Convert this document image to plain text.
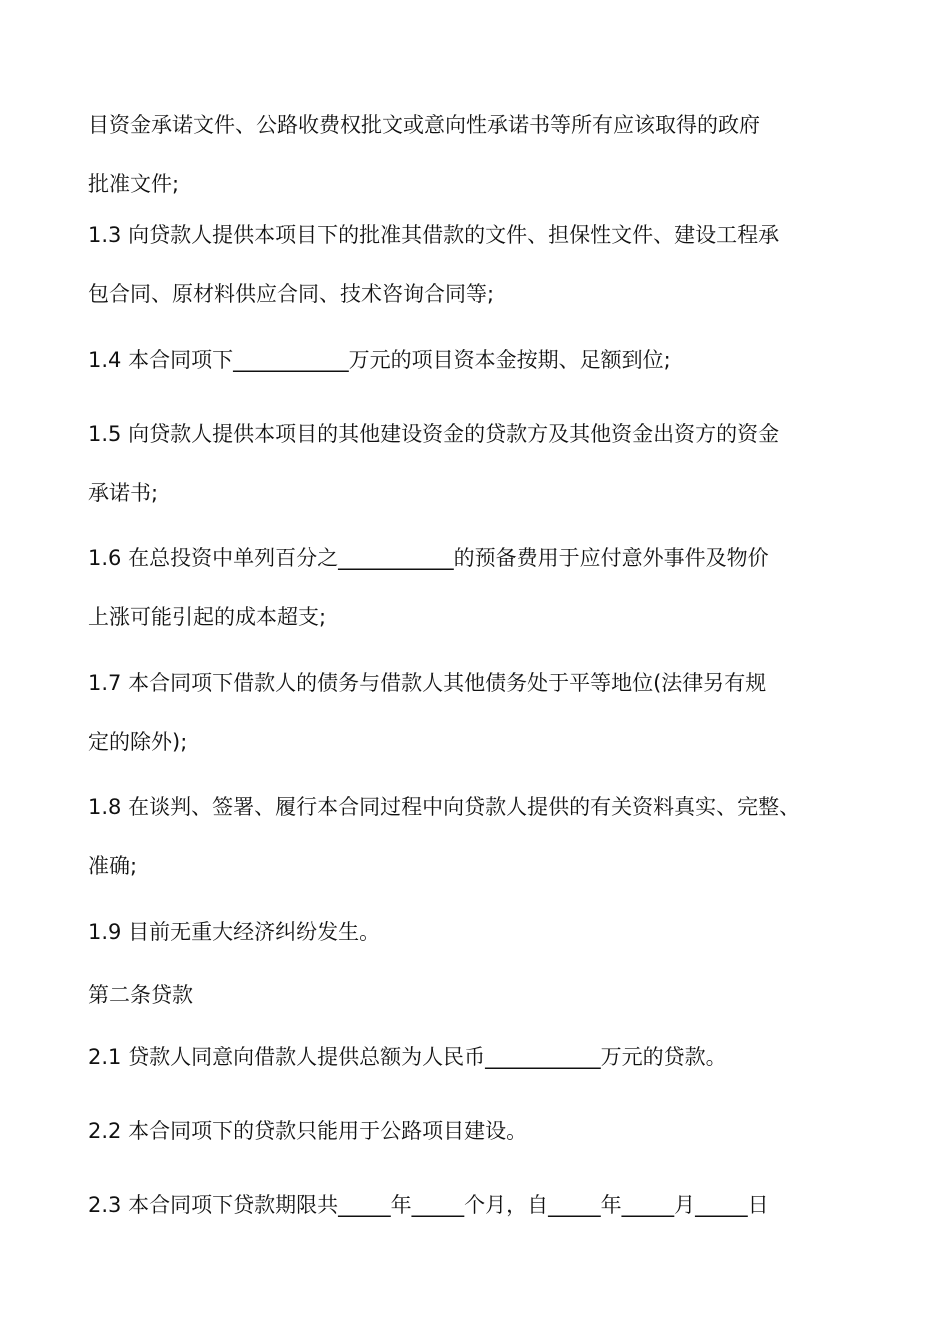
目资金承诺文件、公路收费权批文或意向性承诺书等所有应该取得的政府
批准文件;
1.3 向贷款人提供本项目下的批准其借款的文件、担保性文件、建设工程承
包合同、原材料供应合同、技术咨询合同等;
1.4 本合同项下___________万元的项目资本金按期、足额到位;
1.5 向贷款人提供本项目的其他建设资金的贷款方及其他资金出资方的资金
承诺书;
1.6 在总投资中单列百分之___________的预备费用于应付意外事件及物价
上涨可能引起的成本超支;
1.7 本合同项下借款人的债务与借款人其他债务处于平等地位(法律另有规
定的除外);
1.8 在谈判、签署、履行本合同过程中向贷款人提供的有关资料真实、完整、
准确;
1.9 目前无重大经济纠纷发生。
第二条贷款
2.1 贷款人同意向借款人提供总额为人民币___________万元的贷款。
2.2 本合同项下的贷款只能用于公路项目建设。
2.3 本合同项下贷款期限共_____年_____个月，自_____年_____月_____日
